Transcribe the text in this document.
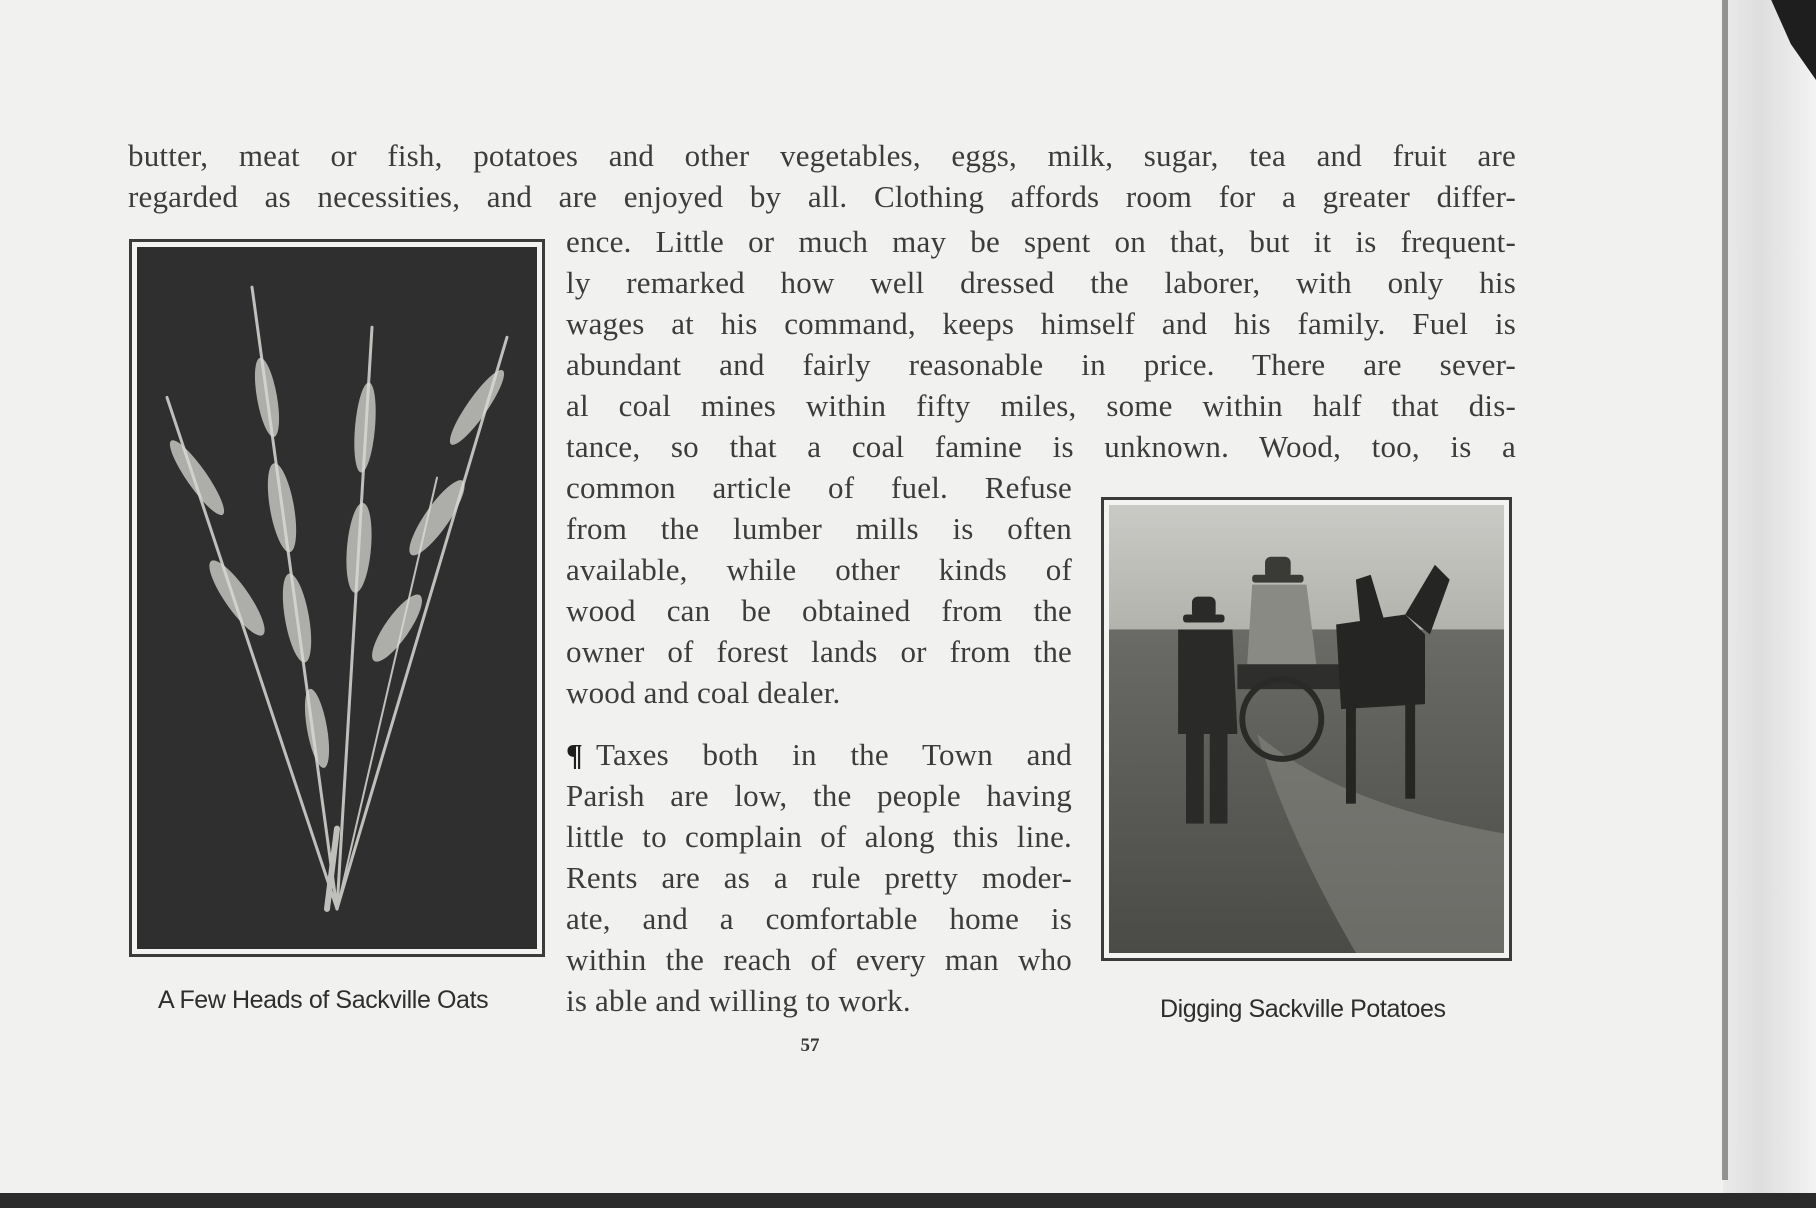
butter, meat or fish, potatoes and other vegetables, eggs, milk, sugar, tea and fruit are

regarded as necessities, and are enjoyed by all. Clothing affords room for a greater differ-

ence. Little or much may be spent on that, but it is frequent-

ly remarked how well dressed the laborer, with only his

wages at his command, keeps himself and his family. Fuel is

abundant and fairly reasonable in price. There are sever-

al coal mines within fifty miles, some within half that dis-

tance, so that a coal famine is unknown. Wood, too, is a

common article of fuel. Refuse

from the lumber mills is often

available, while other kinds of

wood can be obtained from the

owner of forest lands or from the

wood and coal dealer.

¶ Taxes both in the Town and

Parish are low, the people having

little to complain of along this line.

Rents are as a rule pretty moder-

ate, and a comfortable home is

within the reach of every man who

is able and willing to work.

A Few Heads of Sackville Oats	Digging Sackville Potatoes

57
